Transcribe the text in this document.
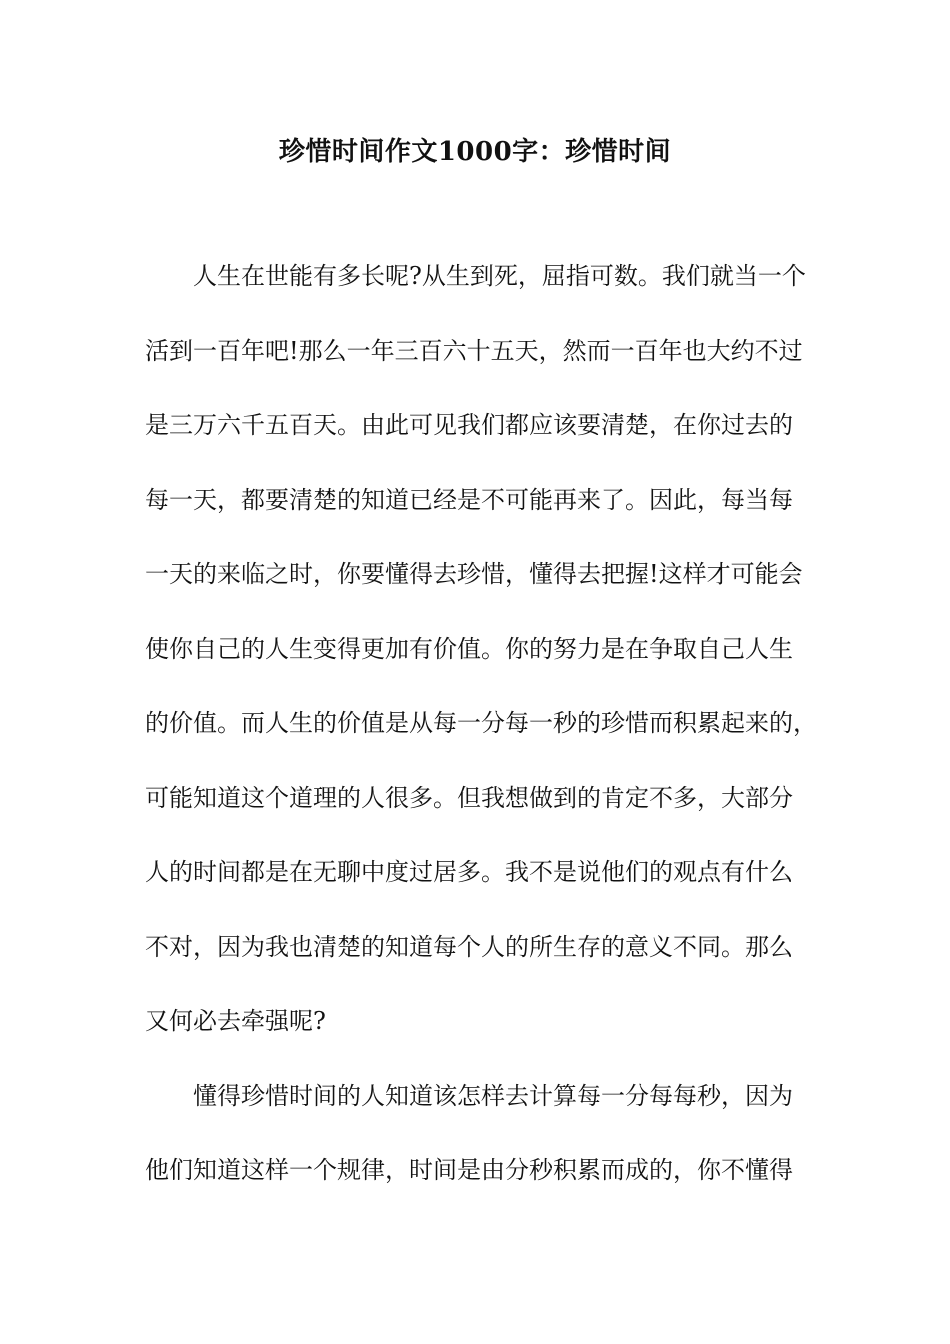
珍惜时间作文1000字：珍惜时间

人生在世能有多长呢?从生到死，屈指可数。我们就当一个

活到一百年吧!那么一年三百六十五天，然而一百年也大约不过

是三万六千五百天。由此可见我们都应该要清楚，在你过去的

每一天，都要清楚的知道已经是不可能再来了。因此，每当每

一天的来临之时，你要懂得去珍惜，懂得去把握!这样才可能会

使你自己的人生变得更加有价值。你的努力是在争取自己人生

的价值。而人生的价值是从每一分每一秒的珍惜而积累起来的，

可能知道这个道理的人很多。但我想做到的肯定不多，大部分

人的时间都是在无聊中度过居多。我不是说他们的观点有什么

不对，因为我也清楚的知道每个人的所生存的意义不同。那么

又何必去牵强呢?

懂得珍惜时间的人知道该怎样去计算每一分每每秒，因为

他们知道这样一个规律，时间是由分秒积累而成的，你不懂得
